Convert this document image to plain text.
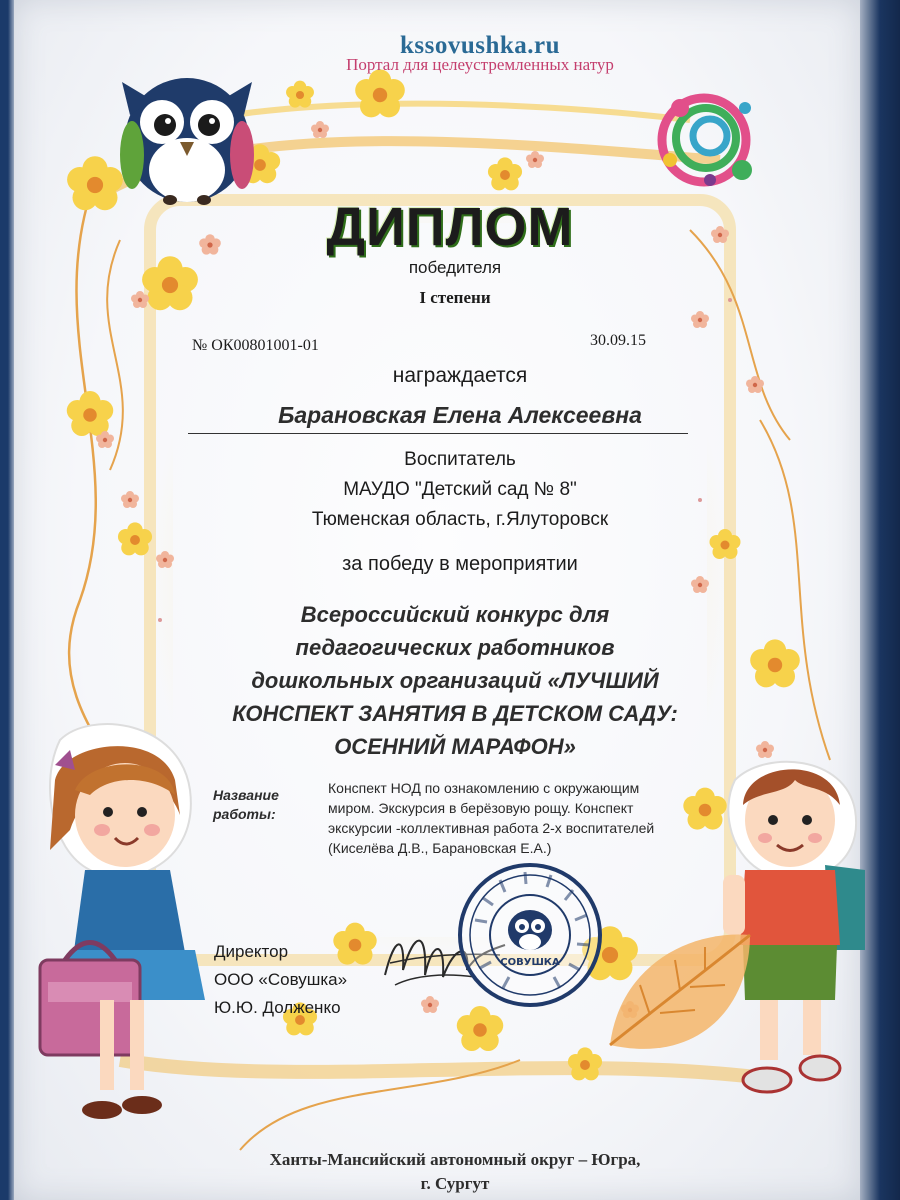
kssovushka.ru
Портал для целеустремленных натур
ДИПЛОМ
победителя
I степени
№ ОК00801001-01	30.09.15
награждается
Барановская Елена Алексеевна
Воспитатель
МАУДО "Детский сад № 8"
Тюменская область, г.Ялуторовск
за победу в мероприятии
Всероссийский конкурс для
педагогических работников
дошкольных организаций «ЛУЧШИЙ
КОНСПЕКТ ЗАНЯТИЯ В ДЕТСКОМ САДУ:
ОСЕННИЙ МАРАФОН»
Название
работы:
Конспект НОД по ознакомлению с окружающим
миром. Экскурсия в берёзовую рощу. Конспект
экскурсии -коллективная работа 2-х воспитателей
(Киселёва Д.В., Барановская Е.А.)
Директор
ООО «Совушка»
Ю.Ю. Долженко
СОВУШКА
Ханты-Мансийский автономный округ – Югра,
г. Сургут
